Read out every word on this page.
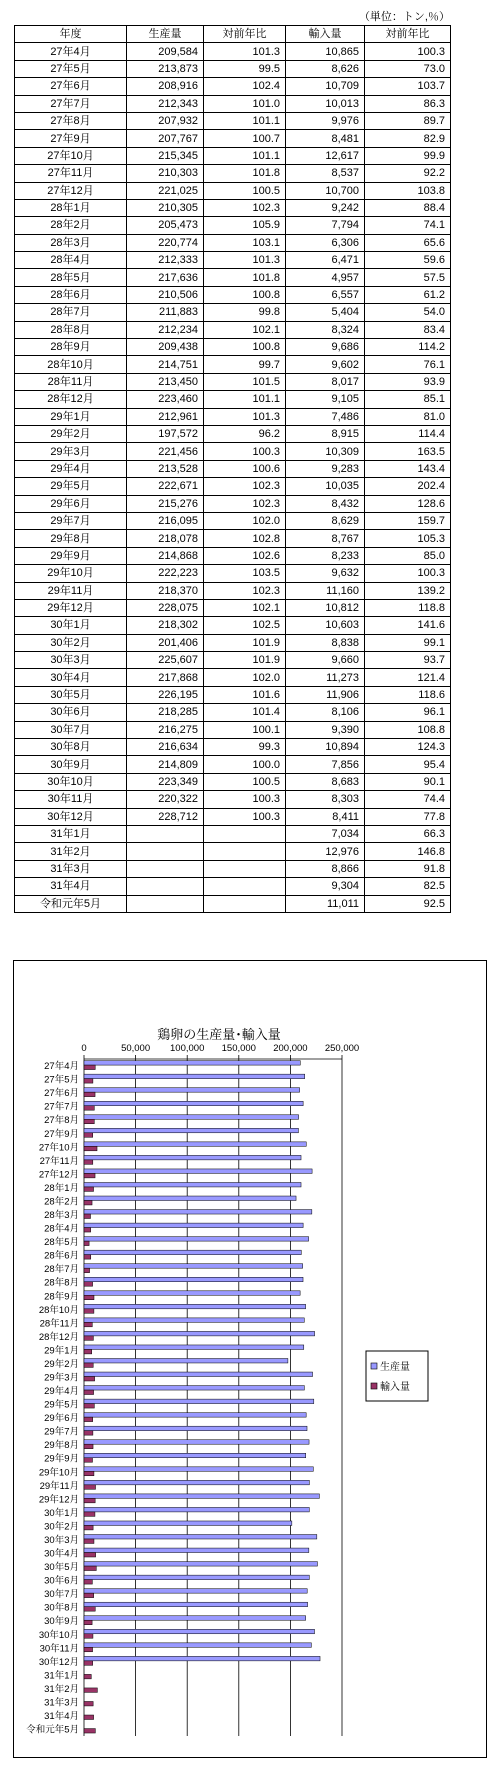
（単位：トン,％）
年度	生産量	対前年比	輸入量	対前年比
27年4月	209,584	101.3	10,865	100.3
27年5月	213,873	99.5	8,626	73.0
27年6月	208,916	102.4	10,709	103.7
27年7月	212,343	101.0	10,013	86.3
27年8月	207,932	101.1	9,976	89.7
27年9月	207,767	100.7	8,481	82.9
27年10月	215,345	101.1	12,617	99.9
27年11月	210,303	101.8	8,537	92.2
27年12月	221,025	100.5	10,700	103.8
28年1月	210,305	102.3	9,242	88.4
28年2月	205,473	105.9	7,794	74.1
28年3月	220,774	103.1	6,306	65.6
28年4月	212,333	101.3	6,471	59.6
28年5月	217,636	101.8	4,957	57.5
28年6月	210,506	100.8	6,557	61.2
28年7月	211,883	99.8	5,404	54.0
28年8月	212,234	102.1	8,324	83.4
28年9月	209,438	100.8	9,686	114.2
28年10月	214,751	99.7	9,602	76.1
28年11月	213,450	101.5	8,017	93.9
28年12月	223,460	101.1	9,105	85.1
29年1月	212,961	101.3	7,486	81.0
29年2月	197,572	96.2	8,915	114.4
29年3月	221,456	100.3	10,309	163.5
29年4月	213,528	100.6	9,283	143.4
29年5月	222,671	102.3	10,035	202.4
29年6月	215,276	102.3	8,432	128.6
29年7月	216,095	102.0	8,629	159.7
29年8月	218,078	102.8	8,767	105.3
29年9月	214,868	102.6	8,233	85.0
29年10月	222,223	103.5	9,632	100.3
29年11月	218,370	102.3	11,160	139.2
29年12月	228,075	102.1	10,812	118.8
30年1月	218,302	102.5	10,603	141.6
30年2月	201,406	101.9	8,838	99.1
30年3月	225,607	101.9	9,660	93.7
30年4月	217,868	102.0	11,273	121.4
30年5月	226,195	101.6	11,906	118.6
30年6月	218,285	101.4	8,106	96.1
30年7月	216,275	100.1	9,390	108.8
30年8月	216,634	99.3	10,894	124.3
30年9月	214,809	100.0	7,856	95.4
30年10月	223,349	100.5	8,683	90.1
30年11月	220,322	100.3	8,303	74.4
30年12月	228,712	100.3	8,411	77.8
31年1月			7,034	66.3
31年2月			12,976	146.8
31年3月			8,866	91.8
31年4月			9,304	82.5
令和元年5月			11,011	92.5
鶏卵の生産量･輸入量
0	50,000 100,000 150,000 200,000 250,000
27年4月
27年5月
27年6月
27年7月
27年8月
27年9月
27年10月
27年11月
27年12月
28年1月
28年2月
28年3月
28年4月
28年5月
28年6月
28年7月
28年8月
28年9月
28年10月
28年11月
28年12月
29年1月
29年2月
29年3月
29年4月
29年5月
29年6月
29年7月
29年8月
29年9月
29年10月
29年11月
29年12月
30年1月
30年2月
30年3月
30年4月
30年5月
30年6月
30年7月
30年8月
30年9月
30年10月
30年11月
30年12月
31年1月
31年2月
31年3月
31年4月
令和元年5月
生産量
輸入量
